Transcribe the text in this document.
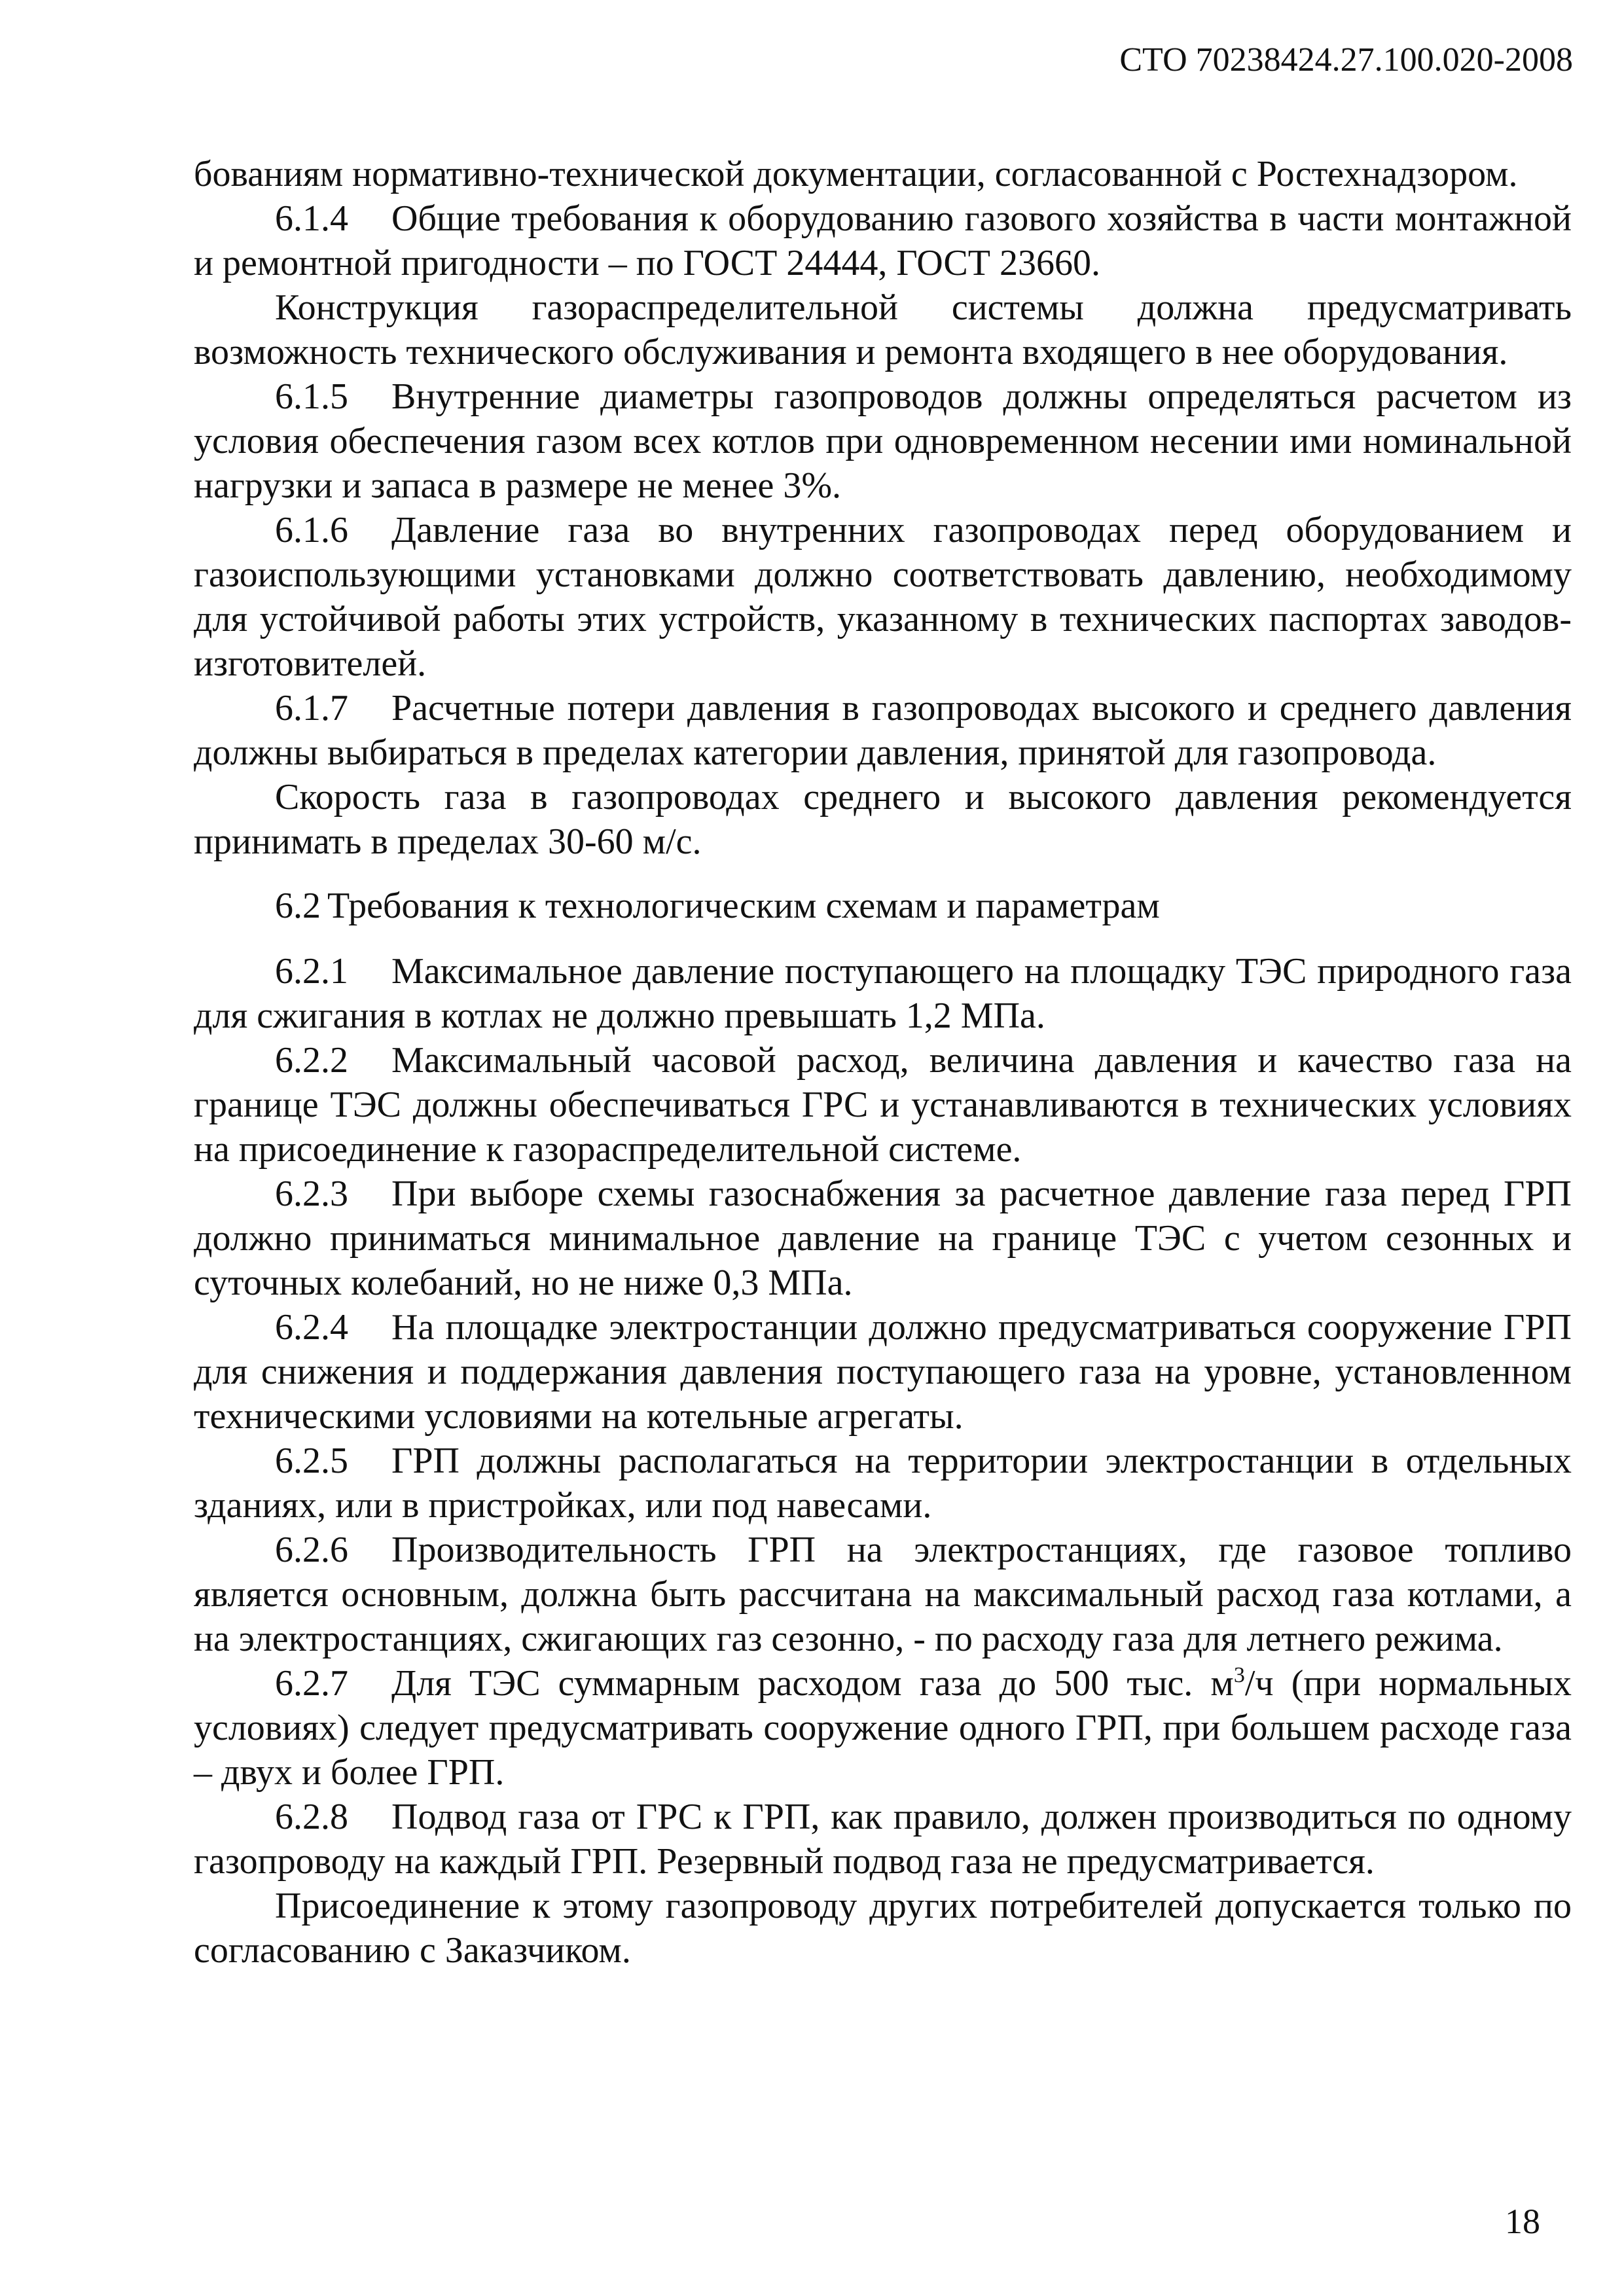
СТО 70238424.27.100.020-2008

бованиям нормативно-технической документации, согласованной с Ростехнадзором.

6.1.4 Общие требования к оборудованию газового хозяйства в части монтажной и ремонтной пригодности – по ГОСТ 24444, ГОСТ 23660.

Конструкция газораспределительной системы должна предусматривать возможность технического обслуживания и ремонта входящего в нее оборудования.

6.1.5 Внутренние диаметры газопроводов должны определяться расчетом из условия обеспечения газом всех котлов при одновременном несении ими номинальной нагрузки и запаса в размере не менее 3%.

6.1.6 Давление газа во внутренних газопроводах перед оборудованием и газоиспользующими установками должно соответствовать давлению, необходимому для устойчивой работы этих устройств, указанному в технических паспортах заводов- изготовителей.

6.1.7 Расчетные потери давления в газопроводах высокого и среднего давления должны выбираться в пределах категории давления, принятой для газопровода.

Скорость газа в газопроводах среднего и высокого давления рекомендуется принимать в пределах 30-60 м/с.

6.2 Требования к технологическим схемам и параметрам

6.2.1 Максимальное давление поступающего на площадку ТЭС природного газа для сжигания в котлах не должно превышать 1,2 МПа.

6.2.2 Максимальный часовой расход, величина давления и качество газа на границе ТЭС должны обеспечиваться ГРС и устанавливаются в технических условиях на присоединение к газораспределительной системе.

6.2.3 При выборе схемы газоснабжения за расчетное давление газа перед ГРП должно приниматься минимальное давление на границе ТЭС с учетом сезонных и суточных колебаний, но не ниже 0,3 МПа.

6.2.4 На площадке электростанции должно предусматриваться сооружение ГРП для снижения и поддержания давления поступающего газа на уровне, установленном техническими условиями на котельные агрегаты.

6.2.5 ГРП должны располагаться на территории электростанции в отдельных зданиях, или в пристройках, или под навесами.

6.2.6 Производительность ГРП на электростанциях, где газовое топливо является основным, должна быть рассчитана на максимальный расход газа котлами, а на электростанциях, сжигающих газ сезонно, - по расходу газа для летнего режима.

6.2.7 Для ТЭС суммарным расходом газа до 500 тыс. $м^3/ч$ (при нормальных условиях) следует предусматривать сооружение одного ГРП, при большем расходе газа – двух и более ГРП.

6.2.8 Подвод газа от ГРС к ГРП, как правило, должен производиться по одному газопроводу на каждый ГРП. Резервный подвод газа не предусматривается.

Присоединение к этому газопроводу других потребителей допускается только по согласованию с Заказчиком.

18
